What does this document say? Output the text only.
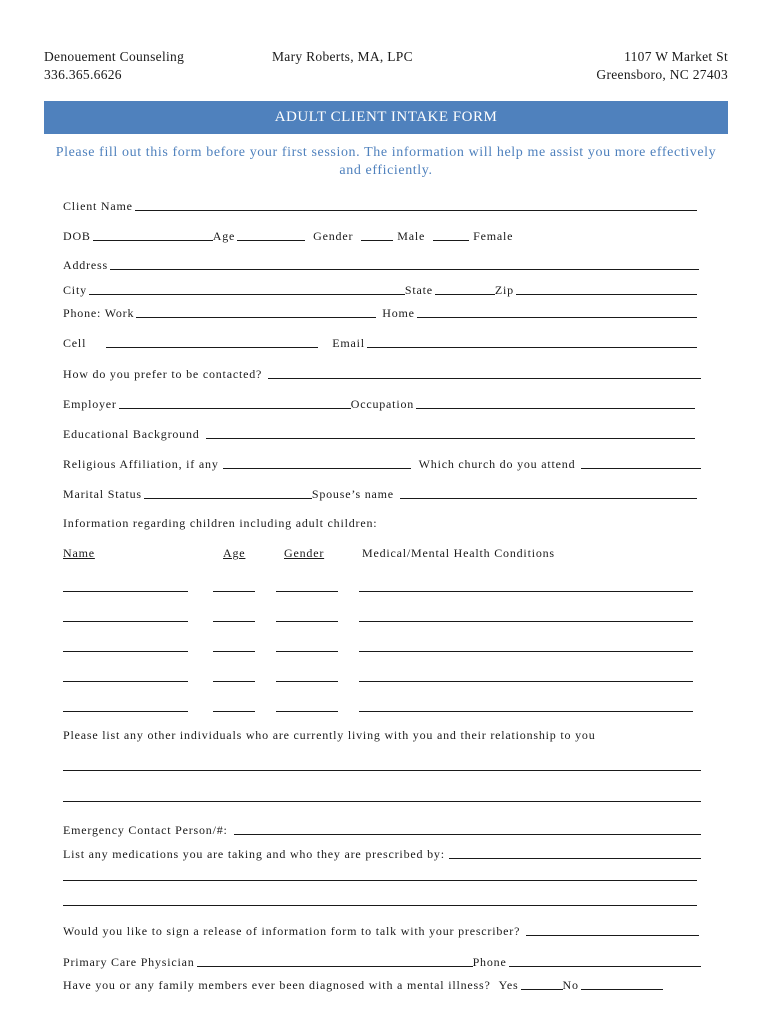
Denouement Counseling
336.365.6626
Mary Roberts, MA, LPC	1107 W Market St
Greensboro, NC 27403
ADULT CLIENT INTAKE FORM
Please fill out this form before your first session. The information will help me assist you more effectively and efficiently.
Client Name
DOB	Age	Gender	Male	Female
Address
City	State	Zip
Phone: Work	Home
Cell	Email
How do you prefer to be contacted?
Employer	Occupation
Educational Background
Religious Affiliation, if any	Which church do you attend
Marital Status	Spouse’s name
Information regarding children including adult children:
Name	Age	Gender	Medical/Mental Health Conditions
Please list any other individuals who are currently living with you and their relationship to you
Emergency Contact Person/#:
List any medications you are taking and who they are prescribed by:
Would you like to sign a release of information form to talk with your prescriber?
Primary Care Physician	Phone
Have you or any family members ever been diagnosed with a mental illness? Yes	No
